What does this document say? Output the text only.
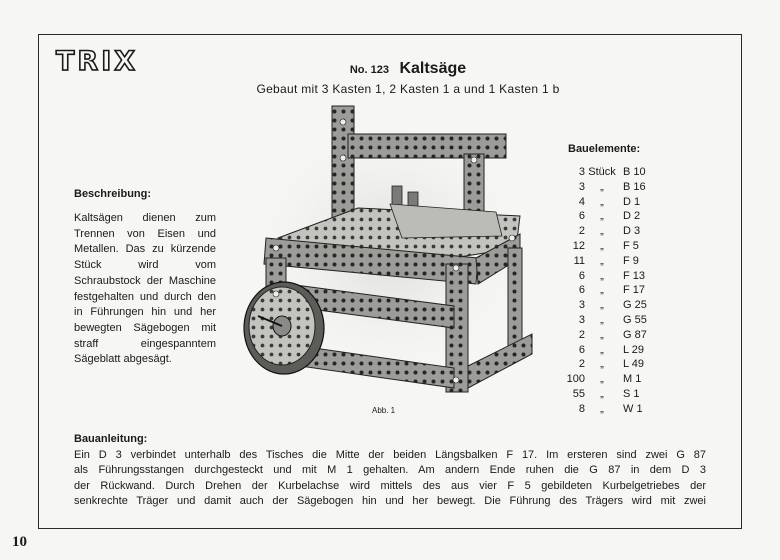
TRIX	No. 123 Kaltsäge
Gebaut mit 3 Kasten 1, 2 Kasten 1 a und 1 Kasten 1 b
Beschreibung:
Kaltsägen dienen zum Trennen von Eisen und Metallen. Das zu kürzende Stück wird vom Schraubstock der Maschine festgehalten und durch den in Führungen hin und her bewegten Sägebogen mit straff eingespanntem Sägeblatt abgesägt.
Bauelemente:
3 Stück B 10
3 „ B 16
4 „ D 1
6 „ D 2
2 „ D 3
12 „ F 5
11 „ F 9
6 „ F 13
6 „ F 17
3 „ G 25
3 „ G 55
2 „ G 87
6 „ L 29
2 „ L 49
100 „ M 1
55 „ S 1
8 „ W 1
Abb. 1
Bauanleitung:
Ein D 3 verbindet unterhalb des Tisches die Mitte der beiden Längsbalken F 17. Im ersteren sind zwei G 87
als Führungsstangen durchgesteckt und mit M 1 gehalten. Am andern Ende ruhen die G 87 in dem D 3
der Rückwand. Durch Drehen der Kurbelachse wird mittels des aus vier F 5 gebildeten Kurbelgetriebes der
senkrechte Träger und damit auch der Sägebogen hin und her bewegt. Die Führung des Trägers wird mit zwei
10
